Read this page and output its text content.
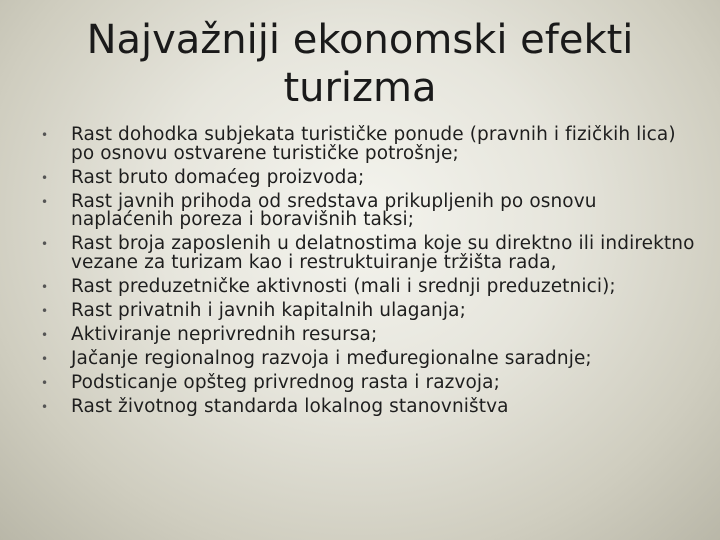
Najvažniji ekonomski efekti
turizma
• Rast dohodka subjekata turističke ponude (pravnih i fizičkih lica) po osnovu ostvarene turističke potrošnje;
• Rast bruto domaćeg proizvoda;
• Rast javnih prihoda od sredstava prikupljenih po osnovu naplaćenih poreza i boravišnih taksi;
• Rast broja zaposlenih u delatnostima koje su direktno ili indirektno vezane za turizam kao i restruktuiranje tržišta rada,
• Rast preduzetničke aktivnosti (mali i srednji preduzetnici);
• Rast privatnih i javnih kapitalnih ulaganja;
• Aktiviranje neprivrednih resursa;
• Jačanje regionalnog razvoja i međuregionalne saradnje;
• Podsticanje opšteg privrednog rasta i razvoja;
• Rast životnog standarda lokalnog stanovništva
